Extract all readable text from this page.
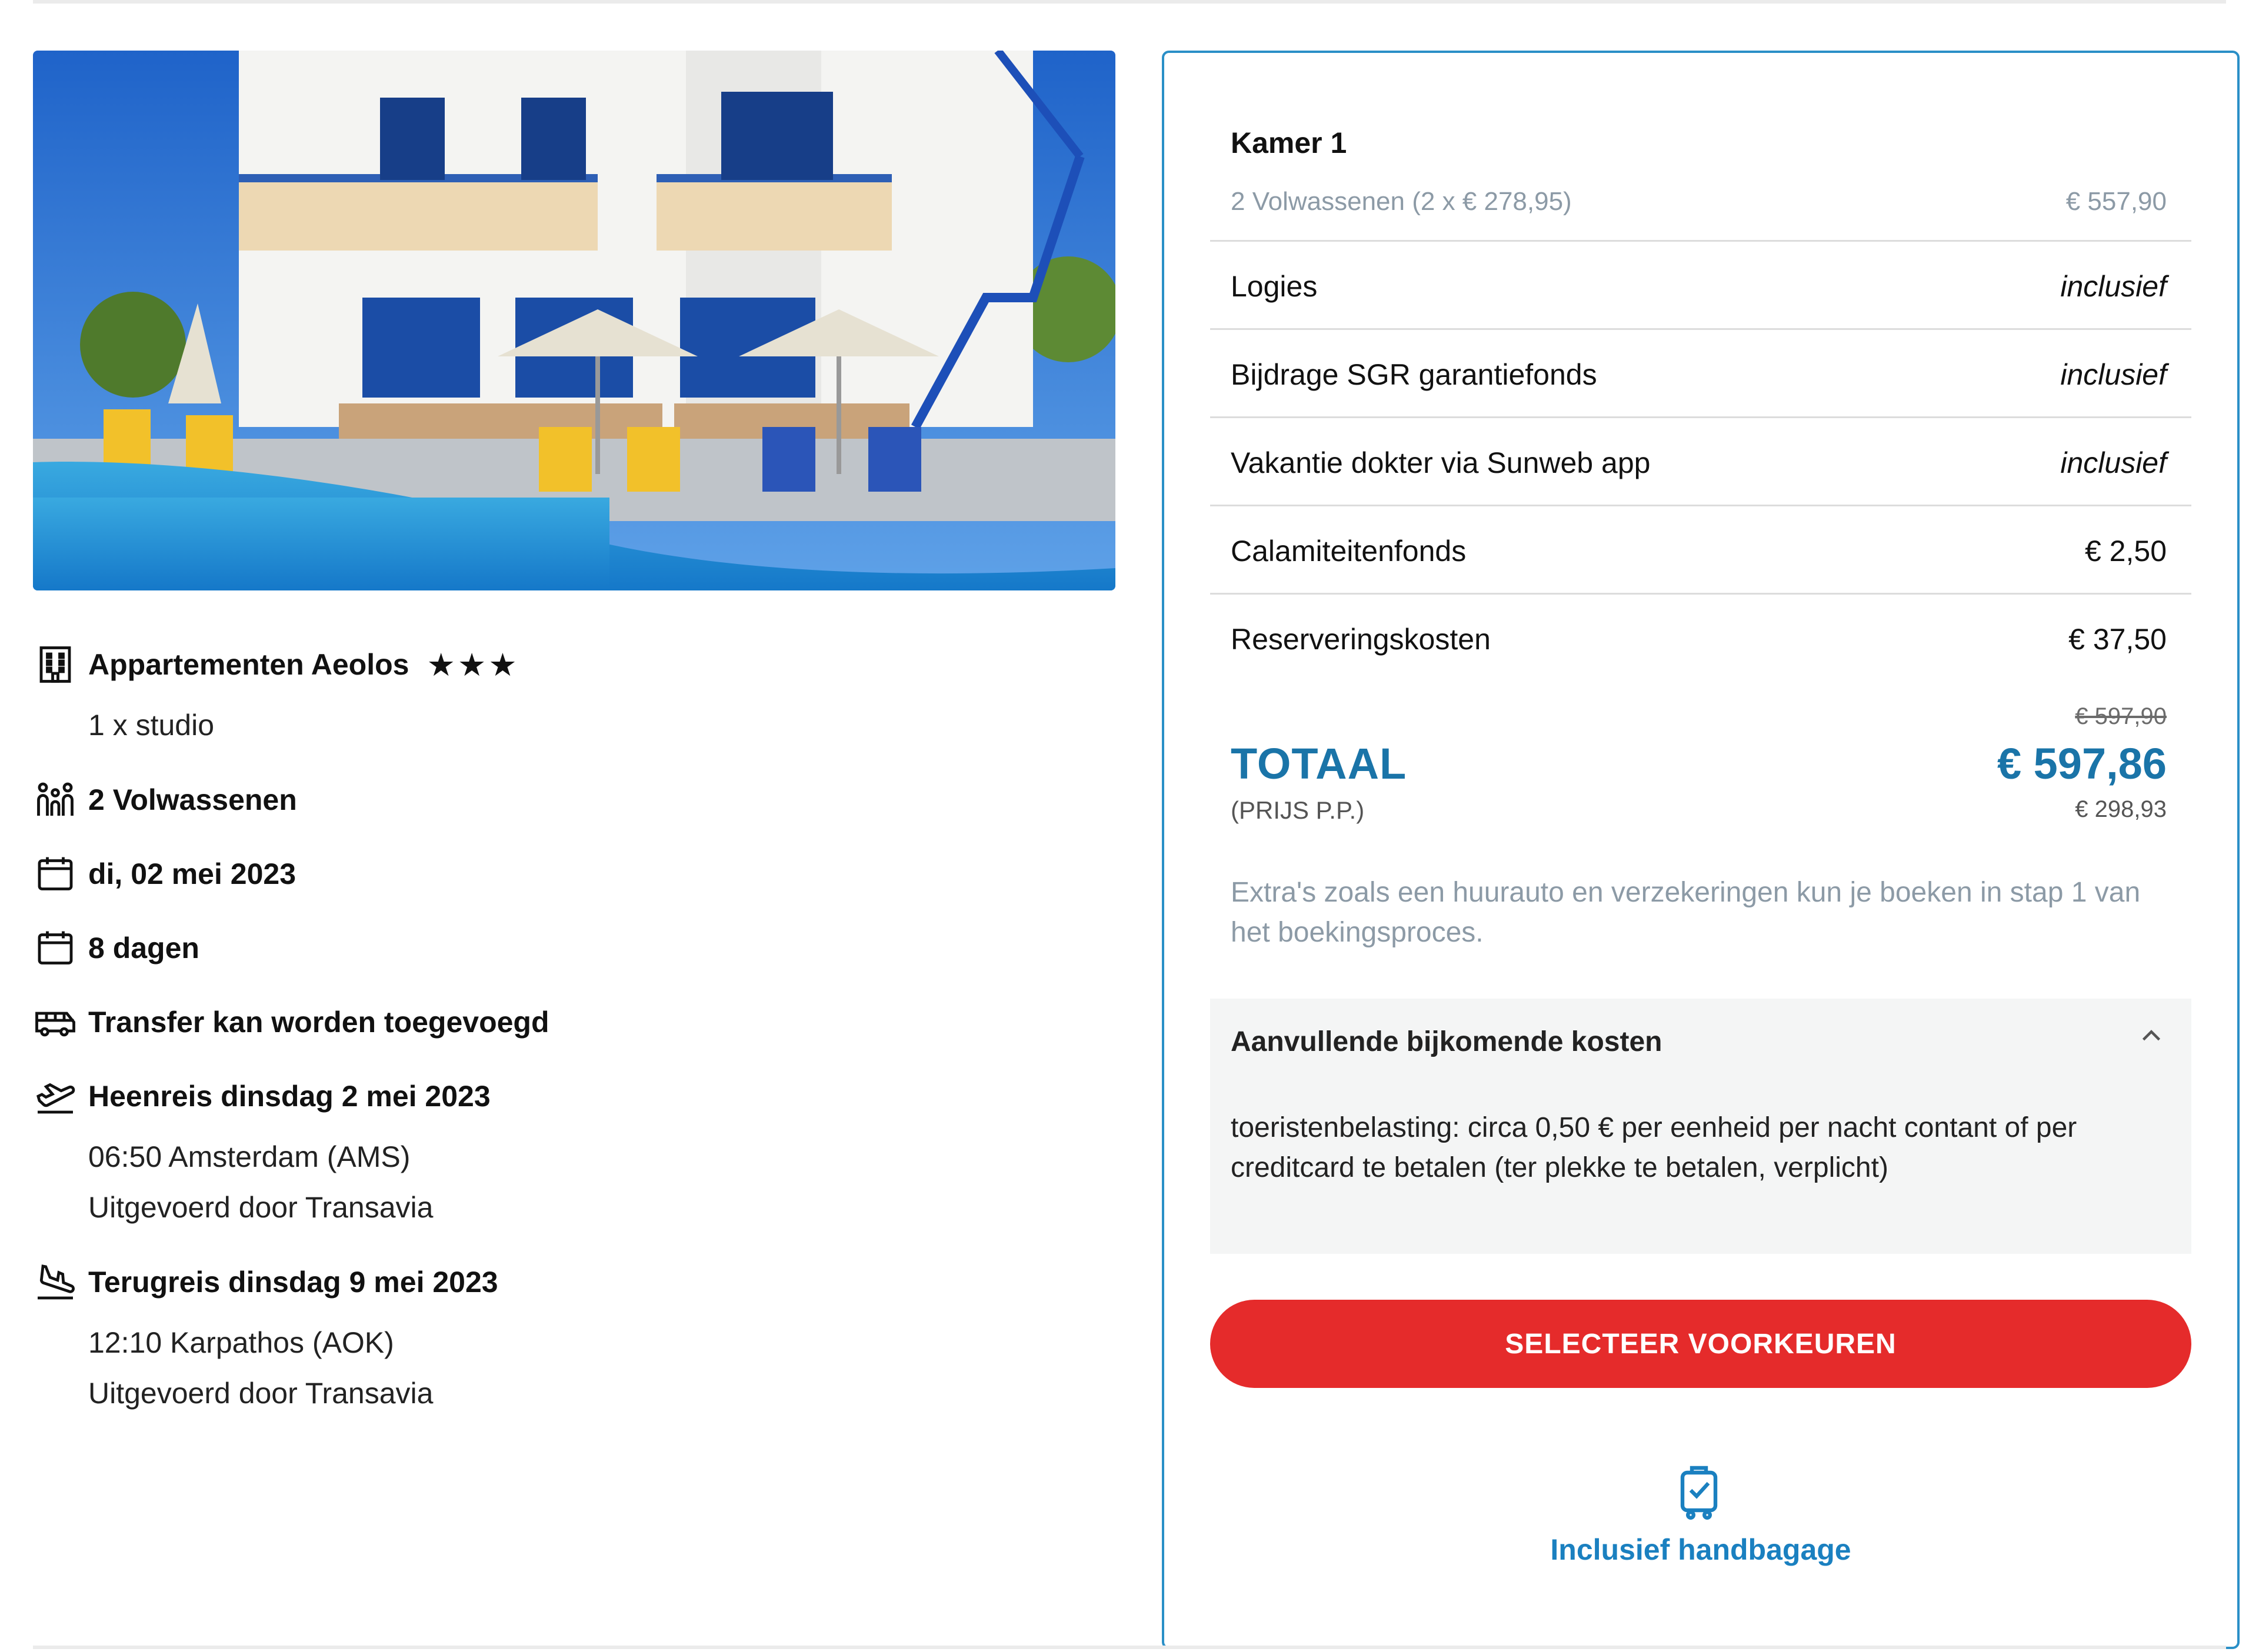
Appartementen Aeolos ★★★
1 x studio
2 Volwassenen
di, 02 mei 2023
8 dagen
Transfer kan worden toegevoegd
Heenreis dinsdag 2 mei 2023
06:50 Amsterdam (AMS)
Uitgevoerd door Transavia
Terugreis dinsdag 9 mei 2023
12:10 Karpathos (AOK)
Uitgevoerd door Transavia
Kamer 1
2 Volwassenen (2 x € 278,95)	€ 557,90
Logies	inclusief
Bijdrage SGR garantiefonds	inclusief
Vakantie dokter via Sunweb app	inclusief
Calamiteitenfonds	€ 2,50
Reserveringskosten	€ 37,50
€ 597,90
TOTAAL	€ 597,86
(PRIJS P.P.)	€ 298,93
Extra's zoals een huurauto en verzekeringen kun je boeken in stap 1 van het boekingsproces.
Aanvullende bijkomende kosten
toeristenbelasting: circa 0,50 € per eenheid per nacht contant of per creditcard te betalen (ter plekke te betalen, verplicht)
SELECTEER VOORKEUREN
Inclusief handbagage
